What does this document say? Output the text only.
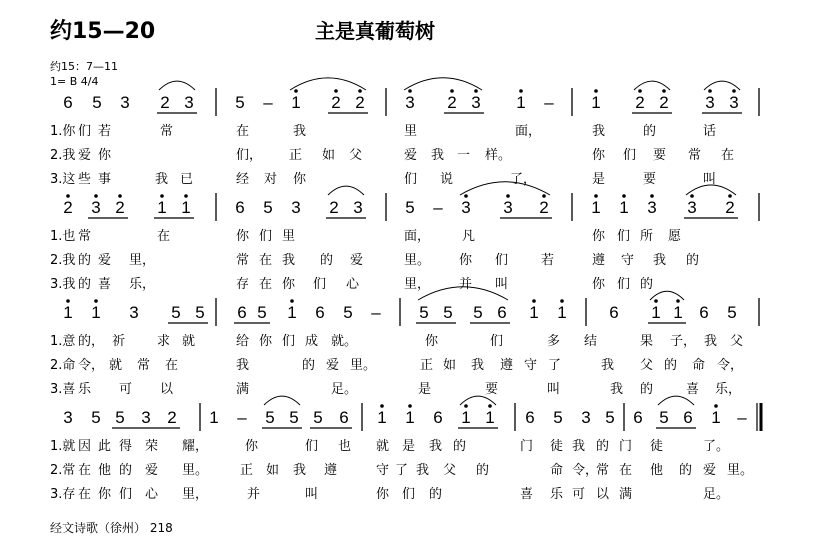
约15—20	主是真葡萄树
约15：7—11
1= B 4/4
6 5 3 2 3 5 – 1 2 2 3 2 3 1 – 1 2 2 3 3
1.你 们 若	常	在	我	里	面，	我	的	话
2.我 爱 你	们， 正 如 父	爱 我 一 样。	你 们 要 常 在
3.这 些 事	我 已	经 对 你	们 说	了，	是	要	叫
2 3 2 1 1	6 5 3 2 3	5 – 3 3 2	1 1 3 3 2
1.也 常	在	你 们 里	面， 凡	你 们 所 愿
2.我 的 爱 里，	常 在 我 的 爱	里。 你 们	若	遵 守 我 的
3.我 的 喜 乐，	存 在 你 们 心	里， 并 叫	你 们 的
1 1 3 5 5 6 5 1 6 5 – 5 5 5 6 1 1	6 1 1 6 5
1.意 的， 祈 求 就	给 你 们 成 就。	你	们	多 结	果 子， 我 父
2.命 令， 就 常 在	我	的 爱 里。	正 如 我 遵 守 了	我 父 的 命 令，
3.喜 乐 可 以	满	足。	是	要	叫	我 的	喜 乐，
3 5 5 3 2 1 – 5 5 5 6 1 1 6 1 1 6 5 3 5 6 5 6 1 –
1.就 因 此 得 荣 耀，	你	们 也 就 是 我 的	门 徒 我 的 门 徒	了。
2.常 在 他 的 爱 里。 正 如 我 遵	守 了 我 父 的	命 令，
常 在 他 的 爱 里。
3.存 在 你 们 心 里，	并	叫	你 们 的	喜 乐 可 以 满	足。
经文诗歌（徐州） 218
